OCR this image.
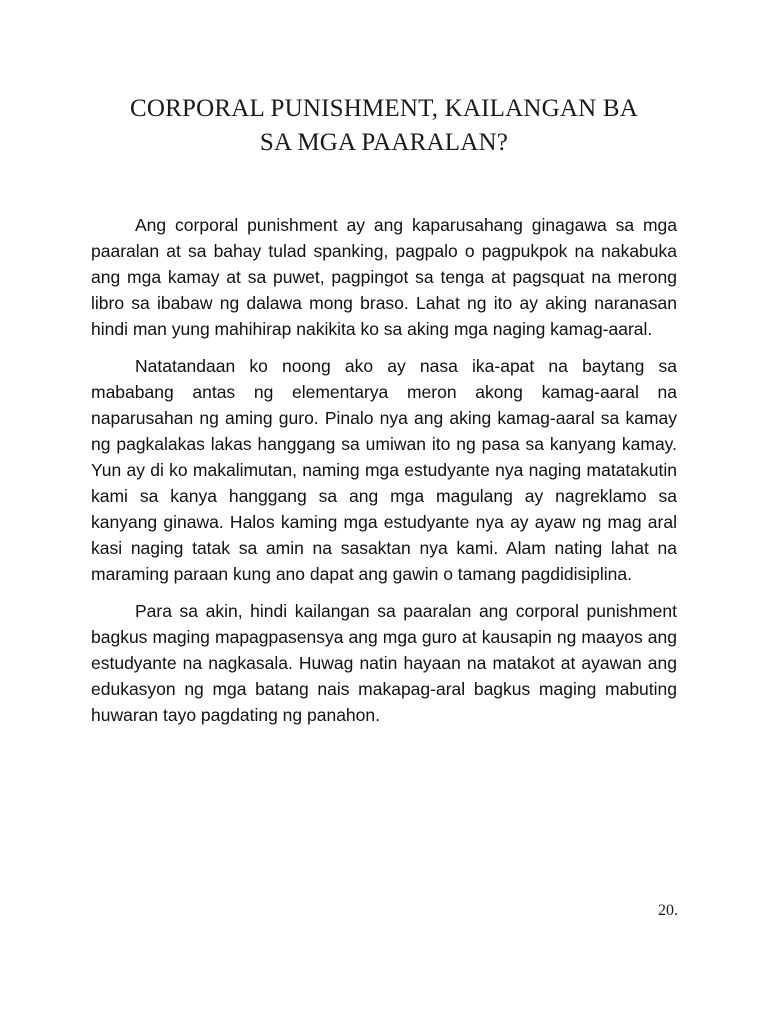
CORPORAL PUNISHMENT, KAILANGAN BA
SA MGA PAARALAN?

Ang corporal punishment ay ang kaparusahang ginagawa sa mga paaralan at sa bahay tulad spanking, pagpalo o pagpukpok na nakabuka ang mga kamay at sa puwet, pagpingot sa tenga at pagsquat na merong libro sa ibabaw ng dalawa mong braso. Lahat ng ito ay aking naranasan hindi man yung mahihirap nakikita ko sa aking mga naging kamag-aaral.

Natatandaan ko noong ako ay nasa ika-apat na baytang sa mababang antas ng elementarya meron akong kamag-aaral na naparusahan ng aming guro. Pinalo nya ang aking kamag-aaral sa kamay ng pagkalakas lakas hanggang sa umiwan ito ng pasa sa kanyang kamay. Yun ay di ko makalimutan, naming mga estudyante nya naging matatakutin kami sa kanya hanggang sa ang mga magulang ay nagreklamo sa kanyang ginawa. Halos kaming mga estudyante nya ay ayaw ng mag aral kasi naging tatak sa amin na sasaktan nya kami. Alam nating lahat na maraming paraan kung ano dapat ang gawin o tamang pagdidisiplina.

Para sa akin, hindi kailangan sa paaralan ang corporal punishment bagkus maging mapagpasensya ang mga guro at kausapin ng maayos ang estudyante na nagkasala. Huwag natin hayaan na matakot at ayawan ang edukasyon ng mga batang nais makapag-aral bagkus maging mabuting huwaran tayo pagdating ng panahon.

20.
